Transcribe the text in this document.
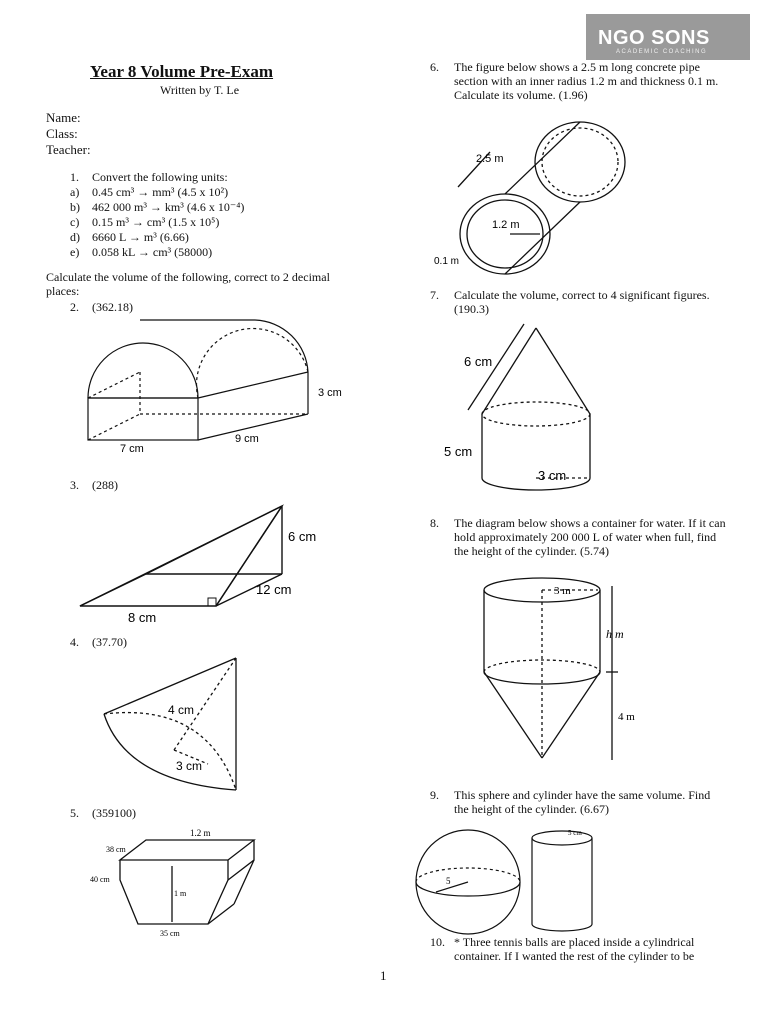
NGO SONS
ACADEMIC COACHING
Year 8 Volume Pre-Exam
Written by T. Le
Name:
Class:
Teacher:
1. Convert the following units:
a) 0.45 cm³ → mm³ (4.5 x 10²)
b) 462 000 m³ → km³ (4.6 x 10⁻⁴)
c) 0.15 m³ → cm³ (1.5 x 10⁵)
d) 6660 L → m³ (6.66)
e) 0.058 kL → cm³ (58000)
Calculate the volume of the following, correct to 2 decimal places:
2. (362.18)
3 cm
7 cm
9 cm
3. (288)
6 cm
12 cm
8 cm
4. (37.70)
4 cm
3 cm
5. (359100)
1.2 m
38 cm
40 cm
1 m
35 cm
6. The figure below shows a 2.5 m long concrete pipe section with an inner radius 1.2 m and thickness 0.1 m. Calculate its volume. (1.96)
2.5 m
1.2 m
0.1 m
7. Calculate the volume, correct to 4 significant figures. (190.3)
6 cm
5 cm
3 cm
8. The diagram below shows a container for water. If it can hold approximately 200 000 L of water when full, find the height of the cylinder. (5.74)
3 m
h m
4 m
9. This sphere and cylinder have the same volume. Find the height of the cylinder. (6.67)
5
5 cm
10. * Three tennis balls are placed inside a cylindrical container. If I wanted the rest of the cylinder to be
1
